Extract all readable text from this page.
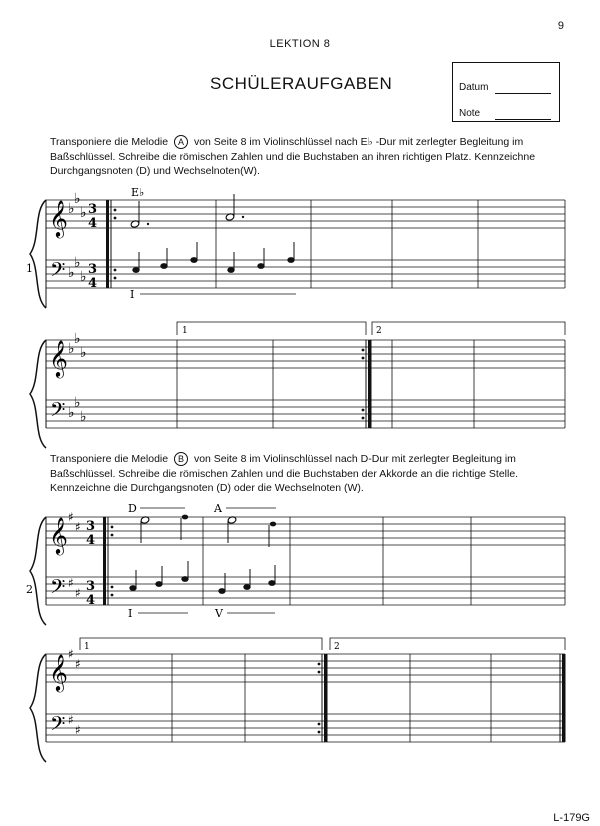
9
LEKTION 8
SCHÜLERAUFGABEN	Datum
Note
Transponiere die Melodie A von Seite 8 im Violinschlüssel nach E♭ -Dur mit zerlegter Begleitung im Baßschlüssel. Schreibe die römischen Zahlen und die Buchstaben an ihren richtigen Platz. Kennzeichne Durchgangsnoten (D) und Wechselnoten(W).
Transponiere die Melodie B von Seite 8 im Violinschlüssel nach D-Dur mit zerlegter Begleitung im Baßschlüssel. Schreibe die römischen Zahlen und die Buchstaben der Akkorde an die richtige Stelle. Kennzeichne die Durchgangsnoten (D) oder die Wechselnoten (W).
1
𝄞
𝄢
♭
♭
♭
♭
♭
♭
3
4
3
4
E♭
I
𝄞
𝄢
♭
♭
♭
♭
♭
♭
1	2
2
𝄞
𝄢
♯
♯
♯
♯
3
4
3
4
D	A
I	V
𝄞
𝄢
♯
♯
♯
♯
1	2
L-179G
